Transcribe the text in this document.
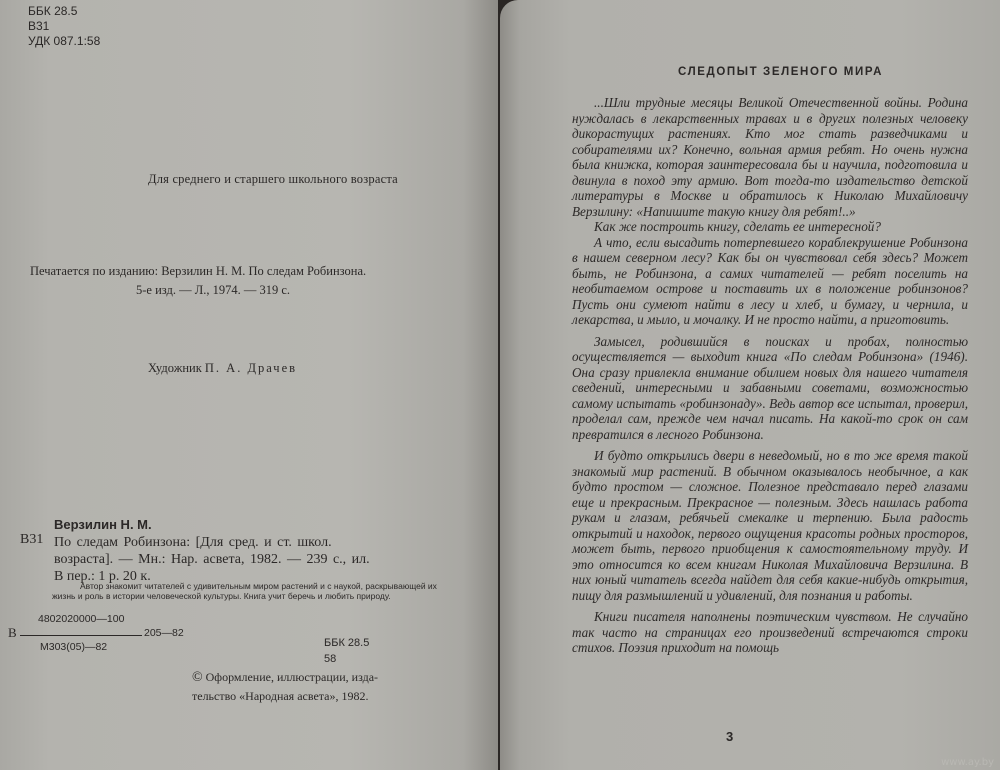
ББК 28.5
В31
УДК 087.1:58
Для среднего и старшего школьного возраста
Печатается по изданию: Верзилин Н. М. По следам Робинзона.
5-е изд. — Л., 1974. — 319 с.
Художник П. А. Драчев
В31
Верзилин Н. М.
По следам Робинзона: [Для сред. и ст. школ.
возраста]. — Мн.: Нар. асвета, 1982. — 239 с., ил.
В пер.: 1 р. 20 к.
Автор знакомит читателей с удивительным миром растений и с наукой, раскрывающей их жизнь и роль в истории человеческой культуры. Книга учит беречь и любить природу.
4802020000—100
В	205—82
М303(05)—82	ББК 28.5
58
© Оформление, иллюстрации, изда-
тельство «Народная асвета», 1982.
СЛЕДОПЫТ ЗЕЛЕНОГО МИРА

...Шли трудные месяцы Великой Отечественной войны. Родина нуждалась в лекарственных травах и в других полезных человеку дикорастущих растениях. Кто мог стать разведчиками и собирателями их? Конечно, вольная армия ребят. Но очень нужна была книжка, которая заинтересовала бы и научила, подготовила и двинула в поход эту армию. Вот тогда-то издательство детской литературы в Москве и обратилось к Николаю Михайловичу Верзилину: «Напишите такую книгу для ребят!..»

Как же построить книгу, сделать ее интересной?

А что, если высадить потерпевшего кораблекрушение Робинзона в нашем северном лесу? Как бы он чувствовал себя здесь? Может быть, не Робинзона, а самих читателей — ребят поселить на необитаемом острове и поставить их в положение робинзонов? Пусть они сумеют найти в лесу и хлеб, и бумагу, и чернила, и лекарства, и мыло, и мочалку. И не просто найти, а приготовить.

Замысел, родившийся в поисках и пробах, полностью осуществляется — выходит книга «По следам Робинзона» (1946). Она сразу привлекла внимание обилием новых для нашего читателя сведений, интересными и забавными советами, возможностью самому испытать «робинзонаду». Ведь автор все испытал, проверил, проделал сам, прежде чем начал писать. На какой-то срок он сам превратился в лесного Робинзона.

И будто открылись двери в неведомый, но в то же время такой знакомый мир растений. В обычном оказывалось необычное, а как будто простом — сложное. Полезное представало перед глазами еще и прекрасным. Прекрасное — полезным. Здесь нашлась работа рукам и глазам, ребячьей смекалке и терпению. Была радость открытий и находок, первого ощущения красоты родных просторов, может быть, первого приобщения к самостоятельному труду. И это относится ко всем книгам Николая Михайловича Верзилина. В них юный читатель всегда найдет для себя какие-нибудь открытия, пищу для размышлений и удивлений, для познания и работы.

Книги писателя наполнены поэтическим чувством. Не случайно так часто на страницах его произведений встречаются строки стихов. Поэзия приходит на помощь

3
www.ay.by
